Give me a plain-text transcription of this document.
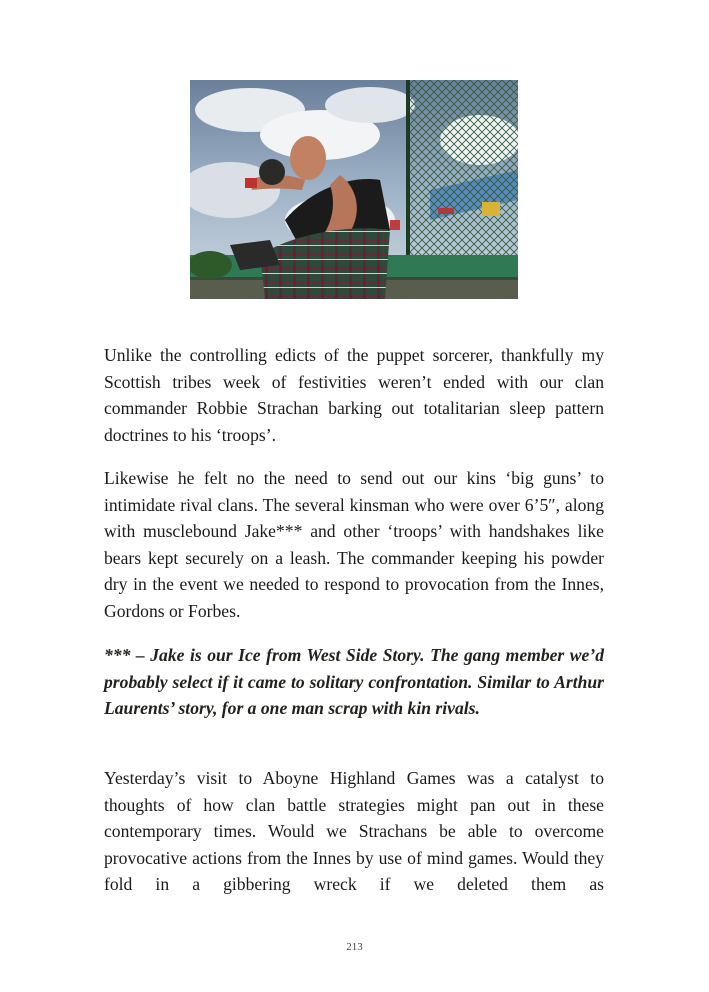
Unlike the controlling edicts of the puppet sorcerer, thankfully my Scottish tribes week of festivities weren’t ended with our clan commander Robbie Strachan barking out totalitarian sleep pattern doctrines to his ‘troops’.

Likewise he felt no the need to send out our kins ‘big guns’ to intimidate rival clans. The several kinsman who were over 6’5″, along with musclebound Jake*** and other ‘troops’ with handshakes like bears kept securely on a leash. The commander keeping his powder dry in the event we needed to respond to provocation from the Innes, Gordons or Forbes.

*** – Jake is our Ice from West Side Story. The gang member we’d probably select if it came to solitary confrontation. Similar to Arthur Laurents’ story, for a one man scrap with kin rivals.

Yesterday’s visit to Aboyne Highland Games was a catalyst to thoughts of how clan battle strategies might pan out in these contemporary times. Would we Strachans be able to overcome provocative actions from the Innes by use of mind games. Would they fold in a gibbering wreck if we deleted them as

213
